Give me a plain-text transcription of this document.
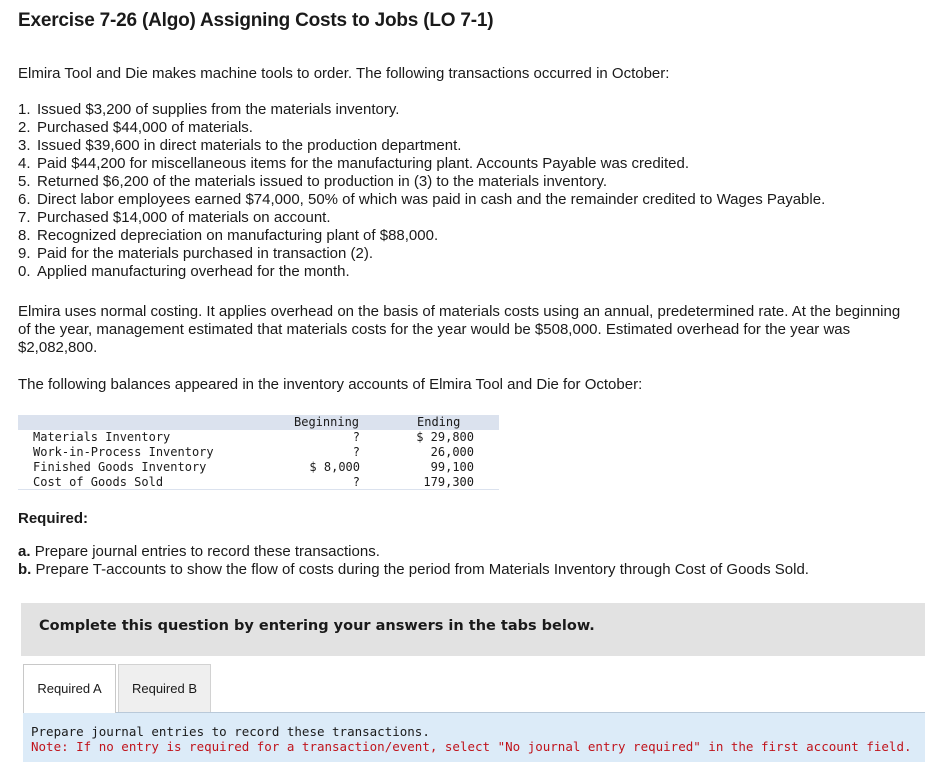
Exercise 7-26 (Algo) Assigning Costs to Jobs (LO 7-1)

Elmira Tool and Die makes machine tools to order. The following transactions occurred in October:

1. Issued $3,200 of supplies from the materials inventory.
2. Purchased $44,000 of materials.
3. Issued $39,600 in direct materials to the production department.
4. Paid $44,200 for miscellaneous items for the manufacturing plant. Accounts Payable was credited.
5. Returned $6,200 of the materials issued to production in (3) to the materials inventory.
6. Direct labor employees earned $74,000, 50% of which was paid in cash and the remainder credited to Wages Payable.
7. Purchased $14,000 of materials on account.
8. Recognized depreciation on manufacturing plant of $88,000.
9. Paid for the materials purchased in transaction (2).
0. Applied manufacturing overhead for the month.

Elmira uses normal costing. It applies overhead on the basis of materials costs using an annual, predetermined rate. At the beginning of the year, management estimated that materials costs for the year would be $508,000. Estimated overhead for the year was $2,082,800.

The following balances appeared in the inventory accounts of Elmira Tool and Die for October:

Beginning	Ending
Materials Inventory	?	$ 29,800
Work-in-Process Inventory	?	26,000
Finished Goods Inventory	$ 8,000	99,100
Cost of Goods Sold	?	179,300

Required:

a. Prepare journal entries to record these transactions.
b. Prepare T-accounts to show the flow of costs during the period from Materials Inventory through Cost of Goods Sold.
Complete this question by entering your answers in the tabs below.
Required A	Required B
Prepare journal entries to record these transactions.
Note: If no entry is required for a transaction/event, select "No journal entry required" in the first account field.
